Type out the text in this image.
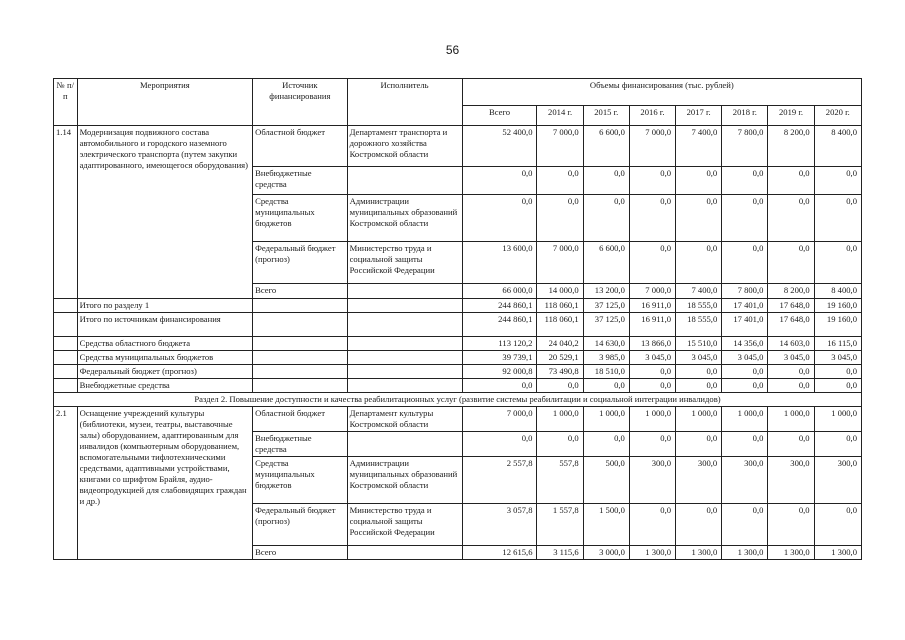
56
№ п/п	Мероприятия	Источник финансирования	Исполнитель	Объемы финансирования (тыс. рублей)							
				Всего	2014 г.	2015 г.	2016 г.	2017 г.	2018 г.	2019 г.	2020 г.
1.14	Модернизация подвижного состава автомобильного и городского наземного электрического транспорта (путем закупки адаптированного, имеющегося оборудования)	Областной бюджет	Департамент транспорта и дорожного хозяйства Костромской области	52 400,0	7 000,0	6 600,0	7 000,0	7 400,0	7 800,0	8 200,0	8 400,0
		Внебюджетные средства		0,0	0,0	0,0	0,0	0,0	0,0	0,0	0,0
		Средства муниципальных бюджетов	Администрации муниципальных образований Костромской области	0,0	0,0	0,0	0,0	0,0	0,0	0,0	0,0
		Федеральный бюджет (прогноз)	Министерство труда и социальной защиты Российской Федерации	13 600,0	7 000,0	6 600,0	0,0	0,0	0,0	0,0	0,0
		Всего		66 000,0	14 000,0	13 200,0	7 000,0	7 400,0	7 800,0	8 200,0	8 400,0
	Итого по разделу 1			244 860,1	118 060,1	37 125,0	16 911,0	18 555,0	17 401,0	17 648,0	19 160,0
	Итого по источникам финансирования			244 860,1	118 060,1	37 125,0	16 911,0	18 555,0	17 401,0	17 648,0	19 160,0
	Средства областного бюджета			113 120,2	24 040,2	14 630,0	13 866,0	15 510,0	14 356,0	14 603,0	16 115,0
	Средства муниципальных бюджетов			39 739,1	20 529,1	3 985,0	3 045,0	3 045,0	3 045,0	3 045,0	3 045,0
	Федеральный бюджет (прогноз)			92 000,8	73 490,8	18 510,0	0,0	0,0	0,0	0,0	0,0
	Внебюджетные средства			0,0	0,0	0,0	0,0	0,0	0,0	0,0	0,0
Раздел 2. Повышение доступности и качества реабилитационных услуг (развитие системы реабилитации и социальной интеграции инвалидов)											
2.1	Оснащение учреждений культуры (библиотеки, музеи, театры, выставочные залы) оборудованием, адаптированным для инвалидов (компьютерным оборудованием, вспомогательными тифлотехническими средствами, адаптивными устройствами, книгами со шрифтом Брайля, аудио-видеопродукцией для слабовидящих граждан и др.)	Областной бюджет	Департамент культуры Костромской области	7 000,0	1 000,0	1 000,0	1 000,0	1 000,0	1 000,0	1 000,0	1 000,0
		Внебюджетные средства		0,0	0,0	0,0	0,0	0,0	0,0	0,0	0,0
		Средства муниципальных бюджетов	Администрации муниципальных образований Костромской области	2 557,8	557,8	500,0	300,0	300,0	300,0	300,0	300,0
		Федеральный бюджет (прогноз)	Министерство труда и социальной защиты Российской Федерации	3 057,8	1 557,8	1 500,0	0,0	0,0	0,0	0,0	0,0
		Всего		12 615,6	3 115,6	3 000,0	1 300,0	1 300,0	1 300,0	1 300,0	1 300,0
